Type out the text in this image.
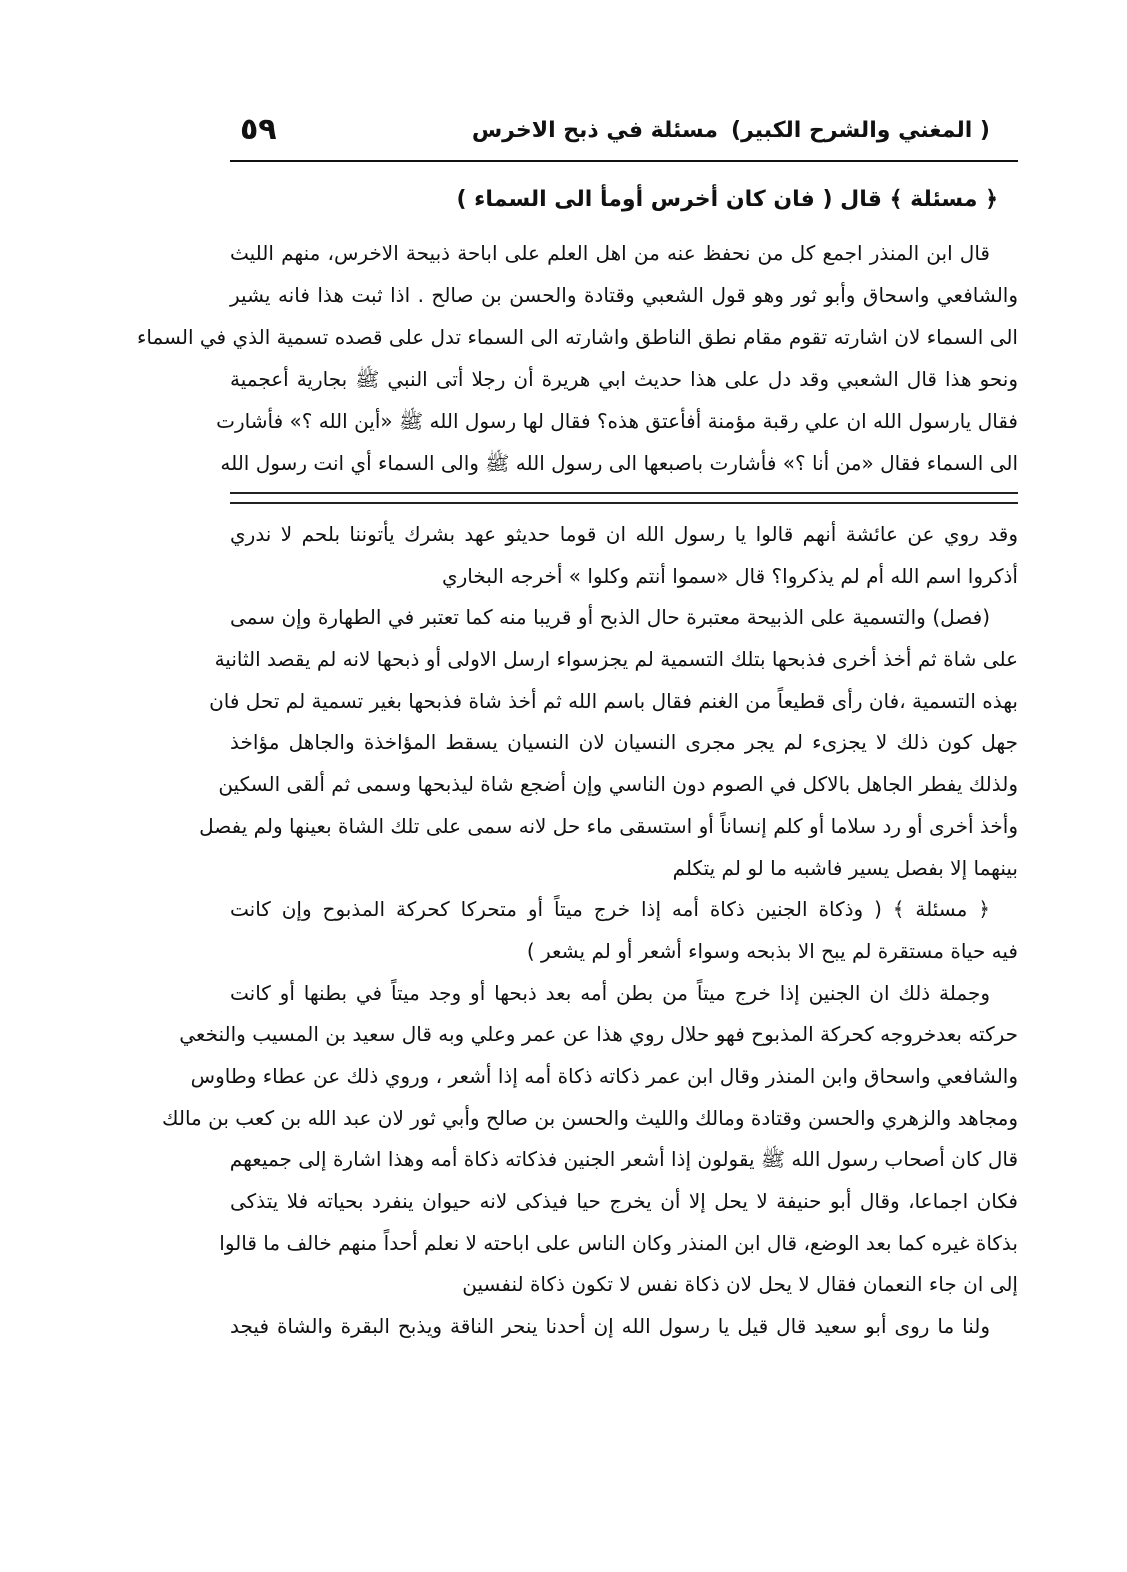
( المغني والشرح الكبير)
مسئلة في ذبح الاخرس
٥٩
﴿ مسئلة ﴾ قال ( فان كان أخرس أومأ الى السماء )
قال ابن المنذر اجمع كل من نحفظ عنه من اهل العلم على اباحة ذبيحة الاخرس، منهم الليث
والشافعي واسحاق وأبو ثور وهو قول الشعبي وقتادة والحسن بن صالح . اذا ثبت هذا فانه يشير
الى السماء لان اشارته تقوم مقام نطق الناطق واشارته الى السماء تدل على قصده تسمية الذي في السماء
ونحو هذا قال الشعبي وقد دل على هذا حديث ابي هريرة أن رجلا أتى النبي ﷺ بجارية أعجمية
فقال يارسول الله ان علي رقبة مؤمنة أفأعتق هذه؟ فقال لها رسول الله ﷺ «أين الله ؟» فأشارت
الى السماء فقال «من أنا ؟» فأشارت باصبعها الى رسول الله ﷺ والى السماء أي انت رسول الله
وقد روي عن عائشة أنهم قالوا يا رسول الله ان قوما حديثو عهد بشرك يأتوننا بلحم لا ندري
أذكروا اسم الله أم لم يذكروا؟ قال «سموا أنتم وكلوا » أخرجه البخاري
(فصل) والتسمية على الذبيحة معتبرة حال الذبح أو قريبا منه كما تعتبر في الطهارة وإن سمى
على شاة ثم أخذ أخرى فذبحها بتلك التسمية لم يجزسواء ارسل الاولى أو ذبحها لانه لم يقصد الثانية
بهذه التسمية ،فان رأى قطيعاً من الغنم فقال باسم الله ثم أخذ شاة فذبحها بغير تسمية لم تحل فان
جهل كون ذلك لا يجزىء لم يجر مجرى النسيان لان النسيان يسقط المؤاخذة والجاهل مؤاخذ
ولذلك يفطر الجاهل بالاكل في الصوم دون الناسي وإن أضجع شاة ليذبحها وسمى ثم ألقى السكين
وأخذ أخرى أو رد سلاما أو كلم إنساناً أو استسقى ماء حل لانه سمى على تلك الشاة بعينها ولم يفصل
بينهما إلا بفصل يسير فاشبه ما لو لم يتكلم
﴿ مسئلة ﴾ ( وذكاة الجنين ذكاة أمه إذا خرج ميتاً أو متحركا كحركة المذبوح وإن كانت
فيه حياة مستقرة لم يبح الا بذبحه وسواء أشعر أو لم يشعر )
وجملة ذلك ان الجنين إذا خرج ميتاً من بطن أمه بعد ذبحها أو وجد ميتاً في بطنها أو كانت
حركته بعدخروجه كحركة المذبوح فهو حلال روي هذا عن عمر وعلي وبه قال سعيد بن المسيب والنخعي
والشافعي واسحاق وابن المنذر وقال ابن عمر ذكاته ذكاة أمه إذا أشعر ، وروي ذلك عن عطاء وطاوس
ومجاهد والزهري والحسن وقتادة ومالك والليث والحسن بن صالح وأبي ثور لان عبد الله بن كعب بن مالك
قال كان أصحاب رسول الله ﷺ يقولون إذا أشعر الجنين فذكاته ذكاة أمه وهذا اشارة إلى جميعهم
فكان اجماعا، وقال أبو حنيفة لا يحل إلا أن يخرج حيا فيذكى لانه حيوان ينفرد بحياته فلا يتذكى
بذكاة غيره كما بعد الوضع، قال ابن المنذر وكان الناس على اباحته لا نعلم أحداً منهم خالف ما قالوا
إلى ان جاء النعمان فقال لا يحل لان ذكاة نفس لا تكون ذكاة لنفسين
ولنا ما روى أبو سعيد قال قيل يا رسول الله إن أحدنا ينحر الناقة ويذبح البقرة والشاة فيجد
